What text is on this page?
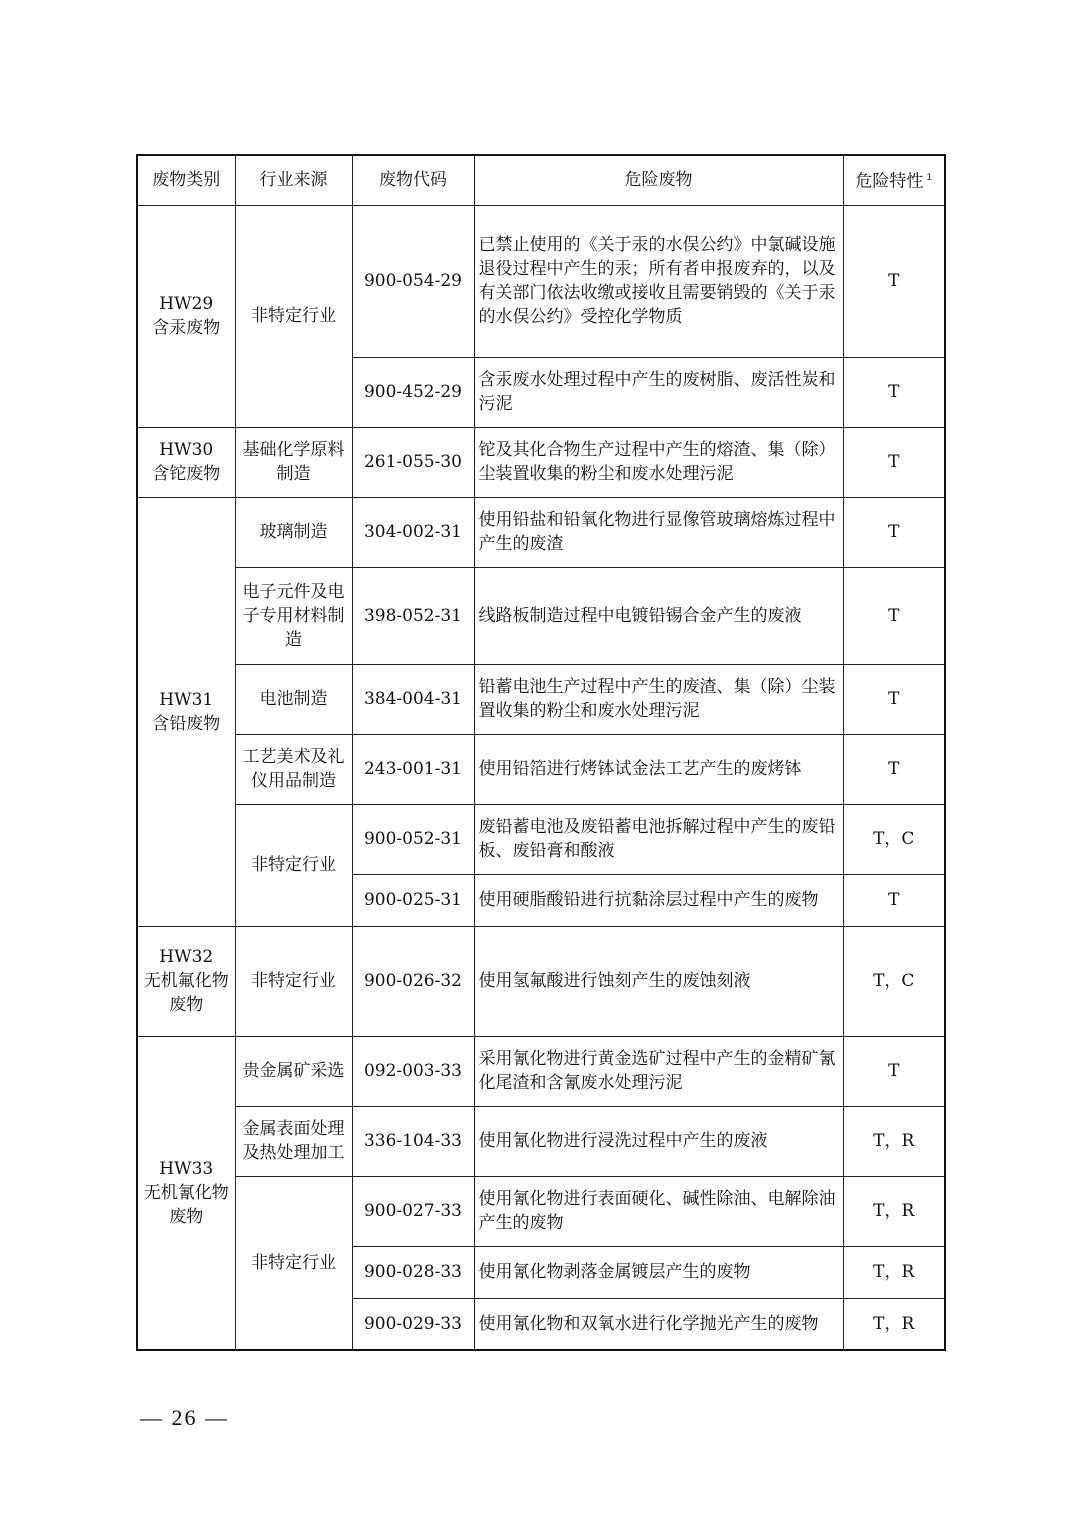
废物类别	行业来源	废物代码	危险废物	危险特性 $^1$
HW29
含汞废物	非特定行业	900-054-29	已禁止使用的《关于汞的水俣公约》中氯碱设施退役过程中产生的汞；所有者申报废弃的，以及有关部门依法收缴或接收且需要销毁的《关于汞的水俣公约》受控化学物质	T
		900-452-29	含汞废水处理过程中产生的废树脂、废活性炭和污泥	T
HW30
含铊废物	基础化学原料制造	261-055-30	铊及其化合物生产过程中产生的熔渣、集（除）尘装置收集的粉尘和废水处理污泥	T
HW31
含铅废物	玻璃制造	304-002-31	使用铅盐和铅氧化物进行显像管玻璃熔炼过程中产生的废渣	T
	电子元件及电子专用材料制造	398-052-31	线路板制造过程中电镀铅锡合金产生的废液	T
	电池制造	384-004-31	铅蓄电池生产过程中产生的废渣、集（除）尘装置收集的粉尘和废水处理污泥	T
	工艺美术及礼仪用品制造	243-001-31	使用铅箔进行烤钵试金法工艺产生的废烤钵	T
	非特定行业	900-052-31	废铅蓄电池及废铅蓄电池拆解过程中产生的废铅板、废铅膏和酸液	T，C
		900-025-31	使用硬脂酸铅进行抗黏涂层过程中产生的废物	T
HW32
无机氟化物废物	非特定行业	900-026-32	使用氢氟酸进行蚀刻产生的废蚀刻液	T，C
HW33
无机氰化物废物	贵金属矿采选	092-003-33	采用氰化物进行黄金选矿过程中产生的金精矿氰化尾渣和含氰废水处理污泥	T
	金属表面处理及热处理加工	336-104-33	使用氰化物进行浸洗过程中产生的废液	T，R
	非特定行业	900-027-33	使用氰化物进行表面硬化、碱性除油、电解除油产生的废物	T，R
		900-028-33	使用氰化物剥落金属镀层产生的废物	T，R
		900-029-33	使用氰化物和双氧水进行化学抛光产生的废物	T，R
— 26 —
